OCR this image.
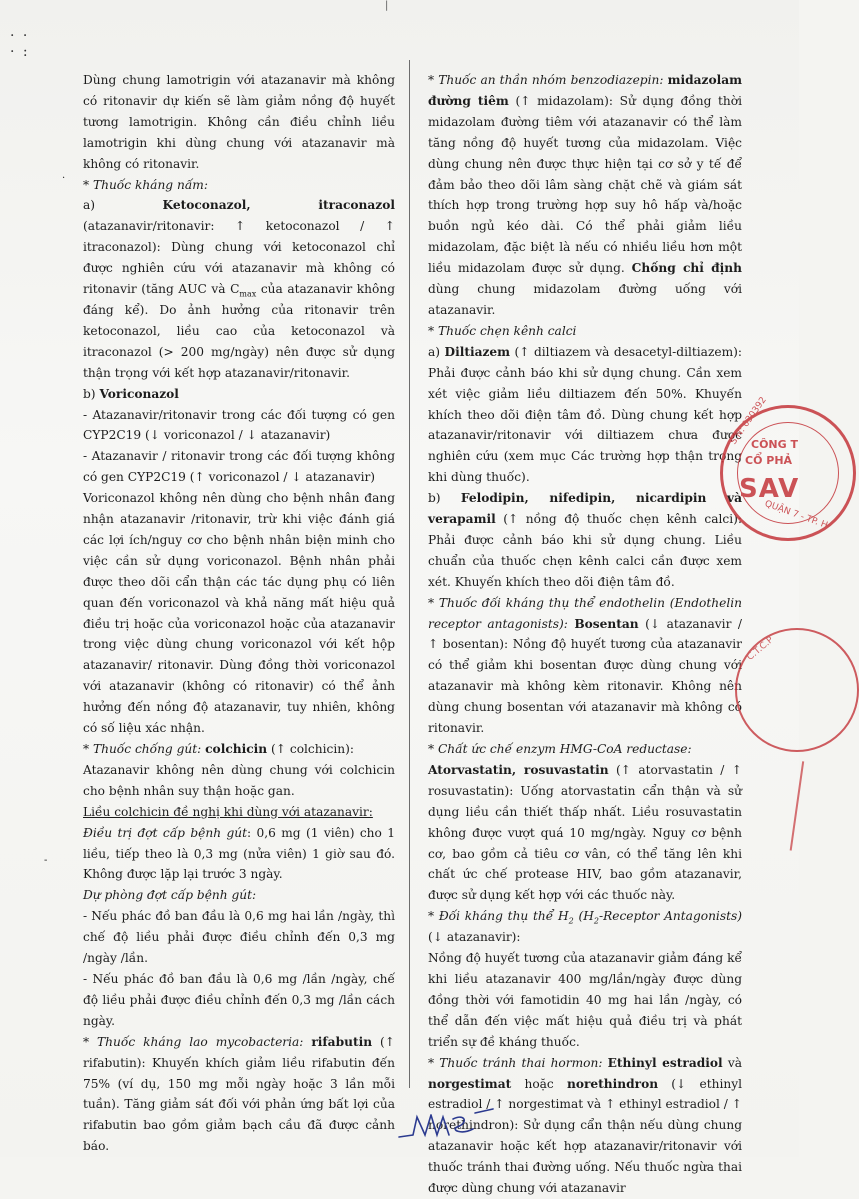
|
· ·
· :
.
-

Dùng chung lamotrigin với atazanavir mà không có ritonavir dự kiến sẽ làm giảm nồng độ huyết tương lamotrigin. Không cần điều chỉnh liều lamotrigin khi dùng chung với atazanavir mà không có ritonavir.

* Thuốc kháng nấm:

a) Ketoconazol, itraconazol (atazanavir/ritonavir: ↑ ketoconazol / ↑ itraconazol): Dùng chung với ketoconazol chỉ được nghiên cứu với atazanavir mà không có ritonavir (tăng AUC và $C_{max}$ của atazanavir không đáng kể). Do ảnh hưởng của ritonavir trên ketoconazol, liều cao của ketoconazol và itraconazol (> 200 mg/ngày) nên được sử dụng thận trọng với kết hợp atazanavir/ritonavir.

b) Voriconazol

- Atazanavir/ritonavir trong các đối tượng có gen CYP2C19 (↓ voriconazol / ↓ atazanavir)

- Atazanavir / ritonavir trong các đối tượng không có gen CYP2C19 (↑ voriconazol / ↓ atazanavir)

Voriconazol không nên dùng cho bệnh nhân đang nhận atazanavir /ritonavir, trừ khi việc đánh giá các lợi ích/nguy cơ cho bệnh nhân biện minh cho việc cần sử dụng voriconazol. Bệnh nhân phải được theo dõi cẩn thận các tác dụng phụ có liên quan đến voriconazol và khả năng mất hiệu quả điều trị hoặc của voriconazol hoặc của atazanavir trong việc dùng chung voriconazol với kết hộp atazanavir/ ritonavir. Dùng đồng thời voriconazol với atazanavir (không có ritonavir) có thể ảnh hưởng đến nồng độ atazanavir, tuy nhiên, không có số liệu xác nhận.

* Thuốc chống gút: colchicin (↑ colchicin):

Atazanavir không nên dùng chung với colchicin cho bệnh nhân suy thận hoặc gan.

Liều colchicin đề nghị khi dùng với atazanavir:

Điều trị đợt cấp bệnh gút: 0,6 mg (1 viên) cho 1 liều, tiếp theo là 0,3 mg (nửa viên) 1 giờ sau đó. Không được lặp lại trước 3 ngày.

Dự phòng đợt cấp bệnh gút:

- Nếu phác đồ ban đầu là 0,6 mg hai lần /ngày, thì chế độ liều phải được điều chỉnh đến 0,3 mg /ngày /lần.

- Nếu phác đồ ban đầu là 0,6 mg /lần /ngày, chế độ liều phải được điều chỉnh đến 0,3 mg /lần cách ngày.

* Thuốc kháng lao mycobacteria: rifabutin (↑ rifabutin): Khuyến khích giảm liều rifabutin đến 75% (ví dụ, 150 mg mỗi ngày hoặc 3 lần mỗi tuần). Tăng giảm sát đối với phản ứng bất lợi của rifabutin bao gồm giảm bạch cầu đã được cảnh báo.

* Thuốc an thần nhóm benzodiazepin: midazolam đường tiêm (↑ midazolam): Sử dụng đồng thời midazolam đường tiêm với atazanavir có thể làm tăng nồng độ huyết tương của midazolam. Việc dùng chung nên được thực hiện tại cơ sở y tế để đảm bảo theo dõi lâm sàng chặt chẽ và giám sát thích hợp trong trường hợp suy hô hấp và/hoặc buồn ngủ kéo dài. Có thể phải giảm liều midazolam, đặc biệt là nếu có nhiều liều hơn một liều midazolam được sử dụng. Chống chỉ định dùng chung midazolam đường uống với atazanavir.

* Thuốc chẹn kênh calci

a) Diltiazem (↑ diltiazem và desacetyl-diltiazem): Phải được cảnh báo khi sử dụng chung. Cần xem xét việc giảm liều diltiazem đến 50%. Khuyến khích theo dõi điện tâm đồ. Dùng chung kết hợp atazanavir/ritonavir với diltiazem chưa được nghiên cứu (xem mục Các trường hợp thận trọng khi dùng thuốc).

b) Felodipin, nifedipin, nicardipin và verapamil (↑ nồng độ thuốc chẹn kênh calci): Phải được cảnh báo khi sử dụng chung. Liều chuẩn của thuốc chẹn kênh calci cần được xem xét. Khuyến khích theo dõi điện tâm đồ.

* Thuốc đối kháng thụ thể endothelin (Endothelin receptor antagonists): Bosentan (↓ atazanavir / ↑ bosentan): Nồng độ huyết tương của atazanavir có thể giảm khi bosentan được dùng chung với atazanavir mà không kèm ritonavir. Không nên dùng chung bosentan với atazanavir mà không có ritonavir.

* Chất ức chế enzym HMG-CoA reductase:

Atorvastatin, rosuvastatin (↑ atorvastatin / ↑ rosuvastatin): Uống atorvastatin cẩn thận và sử dụng liều cần thiết thấp nhất. Liều rosuvastatin không được vượt quá 10 mg/ngày. Nguy cơ bệnh cơ, bao gồm cả tiêu cơ vân, có thể tăng lên khi chất ức chế protease HIV, bao gồm atazanavir, được sử dụng kết hợp với các thuốc này.

* Đối kháng thụ thể $H_2$ ($H_2$-Receptor Antagonists) (↓ atazanavir):

Nồng độ huyết tương của atazanavir giảm đáng kể khi liều atazanavir 400 mg/lần/ngày được dùng đồng thời với famotidin 40 mg hai lần /ngày, có thể dẫn đến việc mất hiệu quả điều trị và phát triển sự đề kháng thuốc.

* Thuốc tránh thai hormon: Ethinyl estradiol và norgestimat hoặc norethindron (↓ ethinyl estradiol / ↑ norgestimat và ↑ ethinyl estradiol / ↑ norethindron): Sử dụng cẩn thận nếu dùng chung atazanavir hoặc kết hợp atazanavir/ritonavir với thuốc tránh thai đường uống. Nếu thuốc ngừa thai được dùng chung với atazanavir

S.N: 030392
CÔNG T
CỔ PHẢ
SAV
QUẬN 7 - TP. H
C.T.C.P
